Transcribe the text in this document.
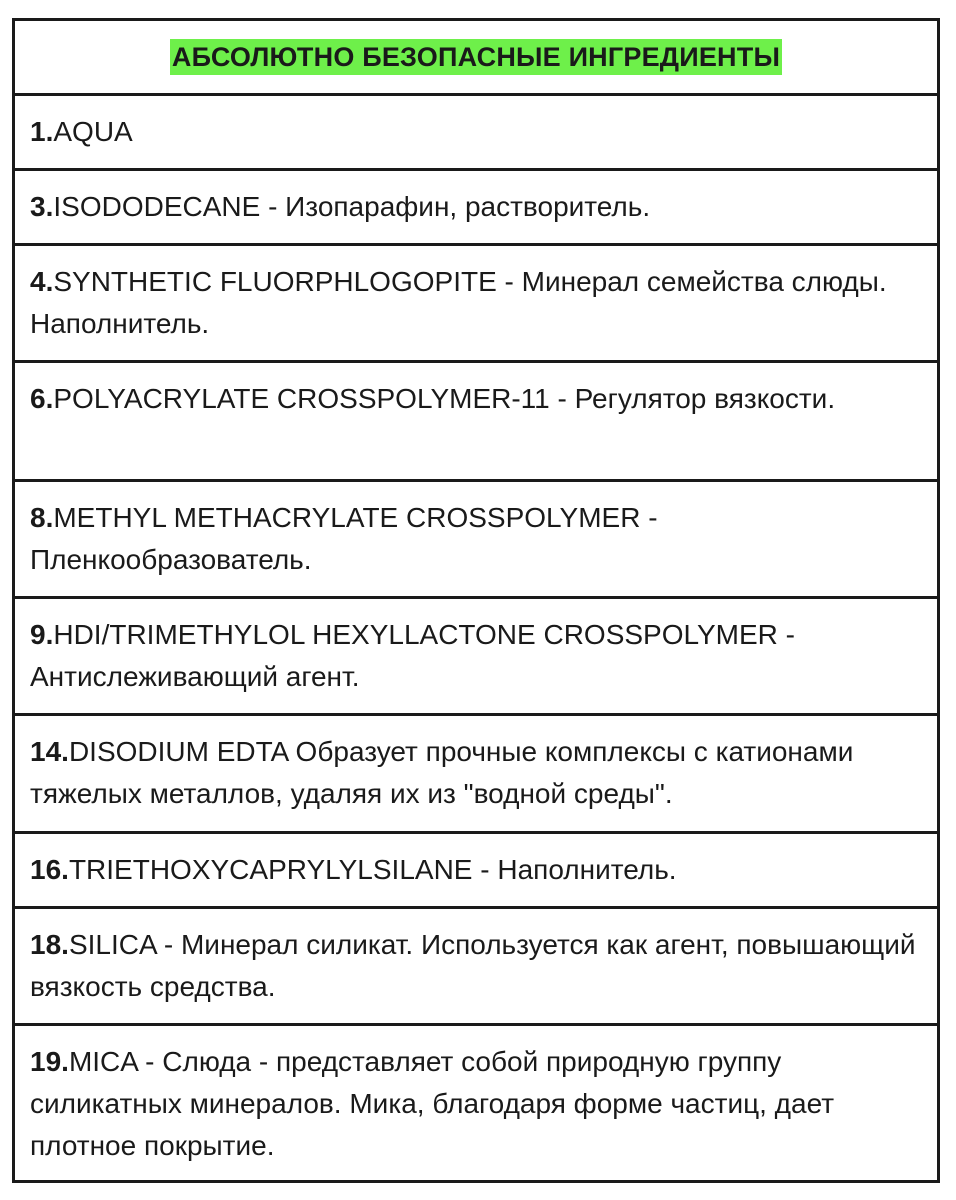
АБСОЛЮТНО БЕЗОПАСНЫЕ ИНГРЕДИЕНТЫ
1.AQUA
3.ISODODECANE - Изопарафин, растворитель.
4.SYNTHETIC FLUORPHLOGOPITE - Минерал семейства слюды. Наполнитель.
6.POLYACRYLATE CROSSPOLYMER-11 - Регулятор вязкости.
8.METHYL METHACRYLATE CROSSPOLYMER - Пленкообразователь.
9.HDI/TRIMETHYLOL HEXYLLACTONE CROSSPOLYMER - Антислеживающий агент.
14.DISODIUM EDTA Образует прочные комплексы с катионами тяжелых металлов, удаляя их из "водной среды".
16.TRIETHOXYCAPRYLYLSILANE - Наполнитель.
18.SILICA - Минерал силикат. Используется как агент, повышающий вязкость средства.
19.MICA - Слюда - представляет собой природную группу силикатных минералов. Мика, благодаря форме частиц, дает плотное покрытие.
